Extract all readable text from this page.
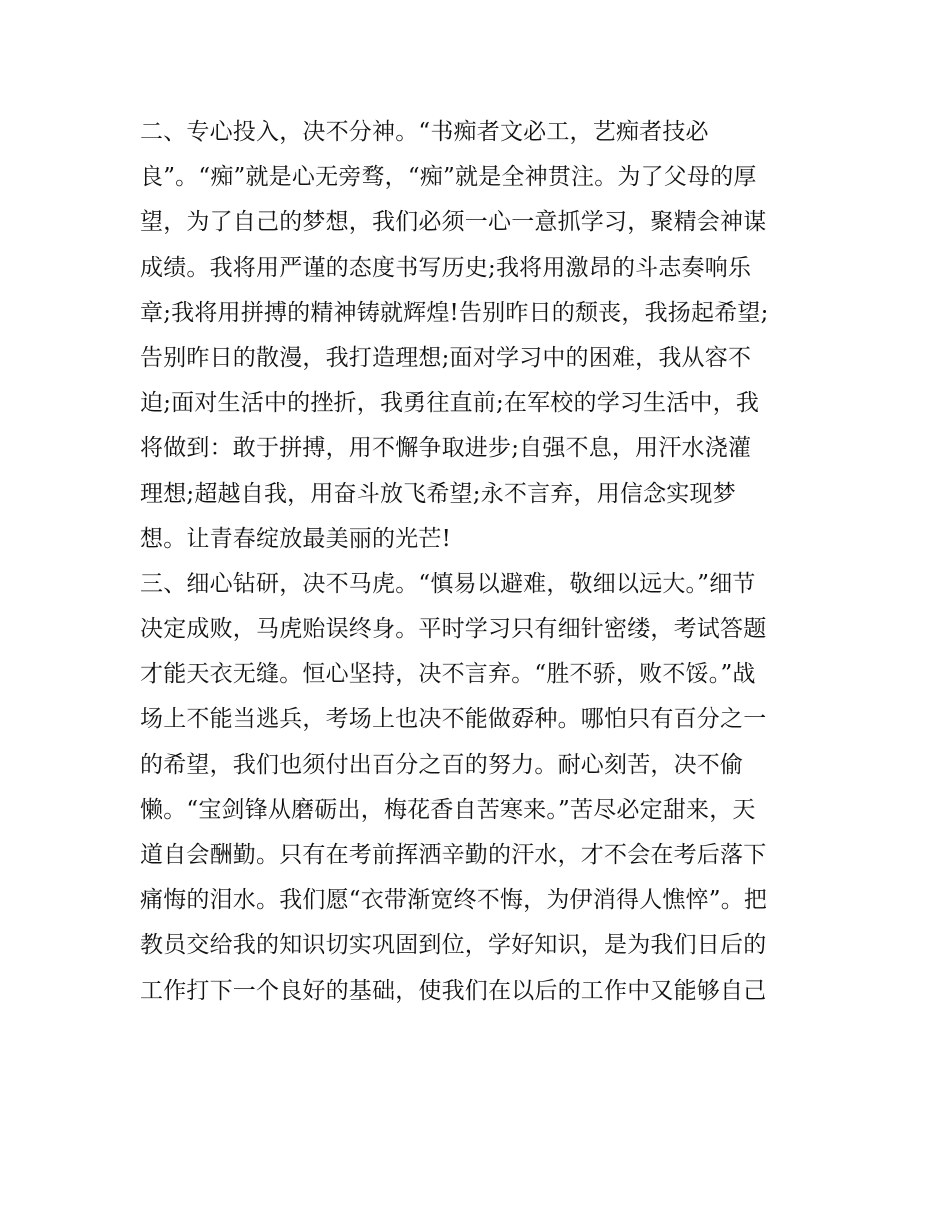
二、专心投入，决不分神。“书痴者文必工，艺痴者技必
良”。“痴”就是心无旁骛，“痴”就是全神贯注。为了父母的厚
望，为了自己的梦想，我们必须一心一意抓学习，聚精会神谋
成绩。我将用严谨的态度书写历史;我将用激昂的斗志奏响乐
章;我将用拼搏的精神铸就辉煌!告别昨日的颓丧，我扬起希望;
告别昨日的散漫，我打造理想;面对学习中的困难，我从容不
迫;面对生活中的挫折，我勇往直前;在军校的学习生活中，我
将做到：敢于拼搏，用不懈争取进步;自强不息，用汗水浇灌
理想;超越自我，用奋斗放飞希望;永不言弃，用信念实现梦
想。让青春绽放最美丽的光芒!
三、细心钻研，决不马虎。“慎易以避难，敬细以远大。”细节
决定成败，马虎贻误终身。平时学习只有细针密缕，考试答题
才能天衣无缝。恒心坚持，决不言弃。“胜不骄，败不馁。”战
场上不能当逃兵，考场上也决不能做孬种。哪怕只有百分之一
的希望，我们也须付出百分之百的努力。耐心刻苦，决不偷
懒。“宝剑锋从磨砺出，梅花香自苦寒来。”苦尽必定甜来，天
道自会酬勤。只有在考前挥洒辛勤的汗水，才不会在考后落下
痛悔的泪水。我们愿“衣带渐宽终不悔，为伊消得人憔悴”。把
教员交给我的知识切实巩固到位，学好知识，是为我们日后的
工作打下一个良好的基础，使我们在以后的工作中又能够自己
